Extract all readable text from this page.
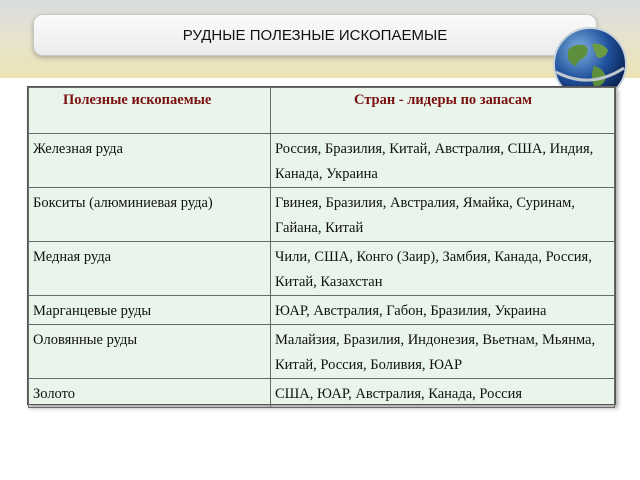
РУДНЫЕ ПОЛЕЗНЫЕ ИСКОПАЕМЫЕ
Полезные ископаемые	Стран - лидеры по запасам
Железная руда	Россия, Бразилия, Китай, Австралия, США, Индия, Канада, Украина
Бокситы (алюминиевая руда)	Гвинея, Бразилия, Австралия, Ямайка, Суринам, Гайана, Китай
Медная руда	Чили, США, Конго (Заир), Замбия, Канада, Россия, Китай, Казахстан
Марганцевые руды	ЮАР, Австралия, Габон, Бразилия, Украина
Оловянные руды	Малайзия, Бразилия, Индонезия, Вьетнам, Мьянма, Китай, Россия, Боливия, ЮАР
Золото	США, ЮАР, Австралия, Канада, Россия
